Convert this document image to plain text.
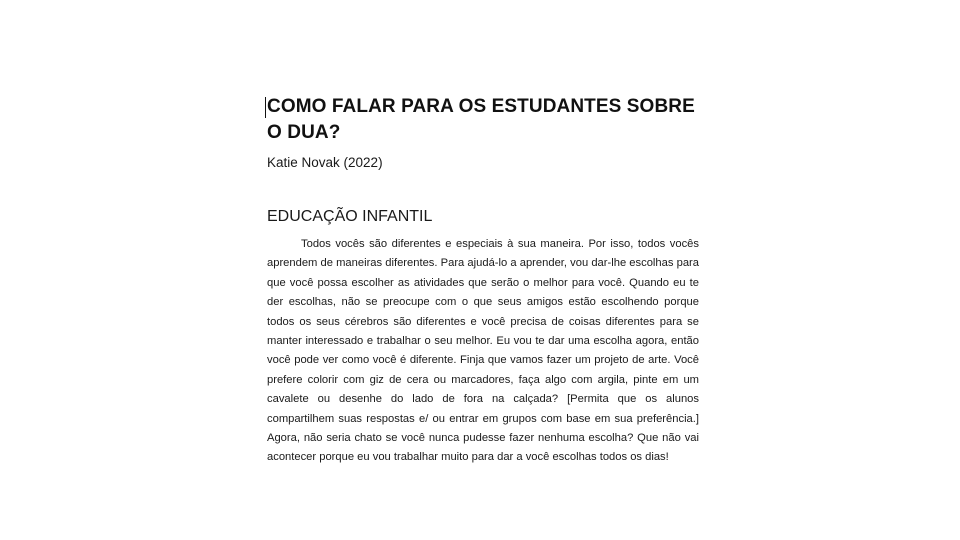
COMO FALAR PARA OS ESTUDANTES SOBRE O DUA?

Katie Novak (2022)

EDUCAÇÃO INFANTIL

Todos vocês são diferentes e especiais à sua maneira. Por isso, todos vocês aprendem de maneiras diferentes. Para ajudá-lo a aprender, vou dar-lhe escolhas para que você possa escolher as atividades que serão o melhor para você. Quando eu te der escolhas, não se preocupe com o que seus amigos estão escolhendo porque todos os seus cérebros são diferentes e você precisa de coisas diferentes para se manter interessado e trabalhar o seu melhor. Eu vou te dar uma escolha agora, então você pode ver como você é diferente. Finja que vamos fazer um projeto de arte. Você prefere colorir com giz de cera ou marcadores, faça algo com argila, pinte em um cavalete ou desenhe do lado de fora na calçada? [Permita que os alunos compartilhem suas respostas e/ ou entrar em grupos com base em sua preferência.] Agora, não seria chato se você nunca pudesse fazer nenhuma escolha? Que não vai acontecer porque eu vou trabalhar muito para dar a você escolhas todos os dias!
